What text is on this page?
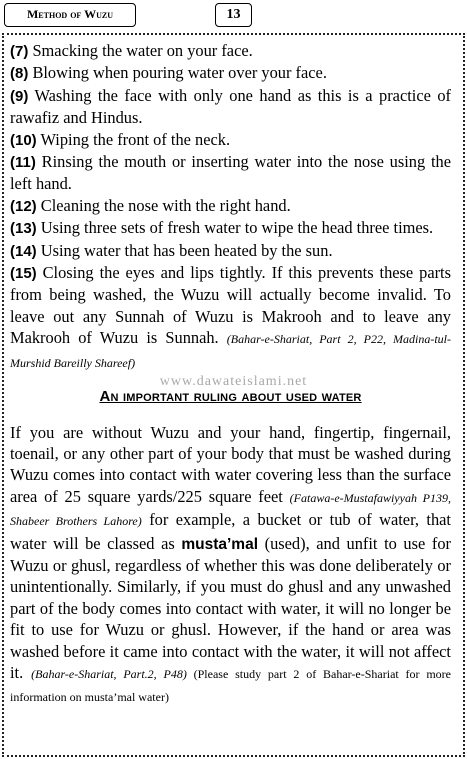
Method of Wuzu	13
www.dawateislami.net

(7) Smacking the water on your face.

(8) Blowing when pouring water over your face.

(9) Washing the face with only one hand as this is a practice of rawafiz and Hindus.

(10) Wiping the front of the neck.

(11) Rinsing the mouth or inserting water into the nose using the left hand.

(12) Cleaning the nose with the right hand.

(13) Using three sets of fresh water to wipe the head three times.

(14) Using water that has been heated by the sun.

(15) Closing the eyes and lips tightly. If this prevents these parts from being washed, the Wuzu will actually become invalid. To leave out any Sunnah of Wuzu is Makrooh and to leave any Makrooh of Wuzu is Sunnah. (Bahar-e-Shariat, Part 2, P22, Madina-tul-Murshid Bareilly Shareef)

An important ruling about used water

If you are without Wuzu and your hand, fingertip, fingernail, toenail, or any other part of your body that must be washed during Wuzu comes into contact with water covering less than the surface area of 25 square yards/225 square feet (Fatawa-e-Mustafawiyyah P139, Shabeer Brothers Lahore) for example, a bucket or tub of water, that water will be classed as musta’mal (used), and unfit to use for Wuzu or ghusl, regardless of whether this was done deliberately or unintentionally. Similarly, if you must do ghusl and any unwashed part of the body comes into contact with water, it will no longer be fit to use for Wuzu or ghusl. However, if the hand or area was washed before it came into contact with the water, it will not affect it. (Bahar-e-Shariat, Part.2, P48) (Please study part 2 of Bahar-e-Shariat for more information on musta’mal water)
